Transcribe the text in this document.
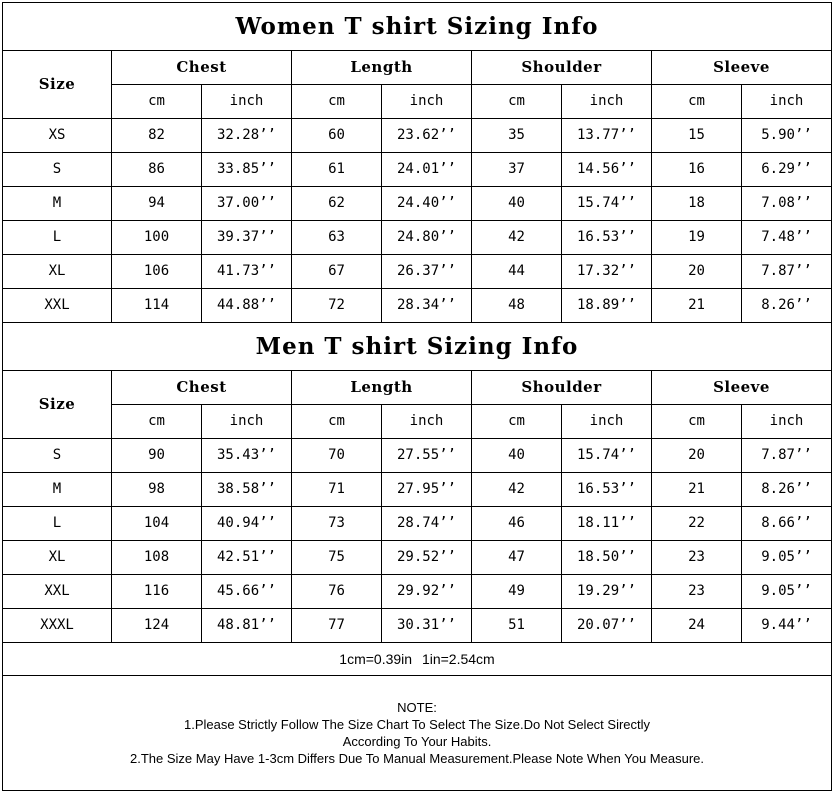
Women T shirt Sizing Info								
Size	Chest		Length		Shoulder		Sleeve	
	cm	inch	cm	inch	cm	inch	cm	inch
XS	82	32.28’’	60	23.62’’	35	13.77’’	15	5.90’’
S	86	33.85’’	61	24.01’’	37	14.56’’	16	6.29’’
M	94	37.00’’	62	24.40’’	40	15.74’’	18	7.08’’
L	100	39.37’’	63	24.80’’	42	16.53’’	19	7.48’’
XL	106	41.73’’	67	26.37’’	44	17.32’’	20	7.87’’
XXL	114	44.88’’	72	28.34’’	48	18.89’’	21	8.26’’
Men T shirt Sizing Info								
Size	Chest		Length		Shoulder		Sleeve	
	cm	inch	cm	inch	cm	inch	cm	inch
S	90	35.43’’	70	27.55’’	40	15.74’’	20	7.87’’
M	98	38.58’’	71	27.95’’	42	16.53’’	21	8.26’’
L	104	40.94’’	73	28.74’’	46	18.11’’	22	8.66’’
XL	108	42.51’’	75	29.52’’	47	18.50’’	23	9.05’’
XXL	116	45.66’’	76	29.92’’	49	19.29’’	23	9.05’’
XXXL	124	48.81’’	77	30.31’’	51	20.07’’	24	9.44’’
1cm=0.39in 1in=2.54cm								

NOTE:
1.Please Strictly Follow The Size Chart To Select The Size.Do Not Select Sirectly
According To Your Habits.
2.The Size May Have 1-3cm Differs Due To Manual Measurement.Please Note When You Measure.								
